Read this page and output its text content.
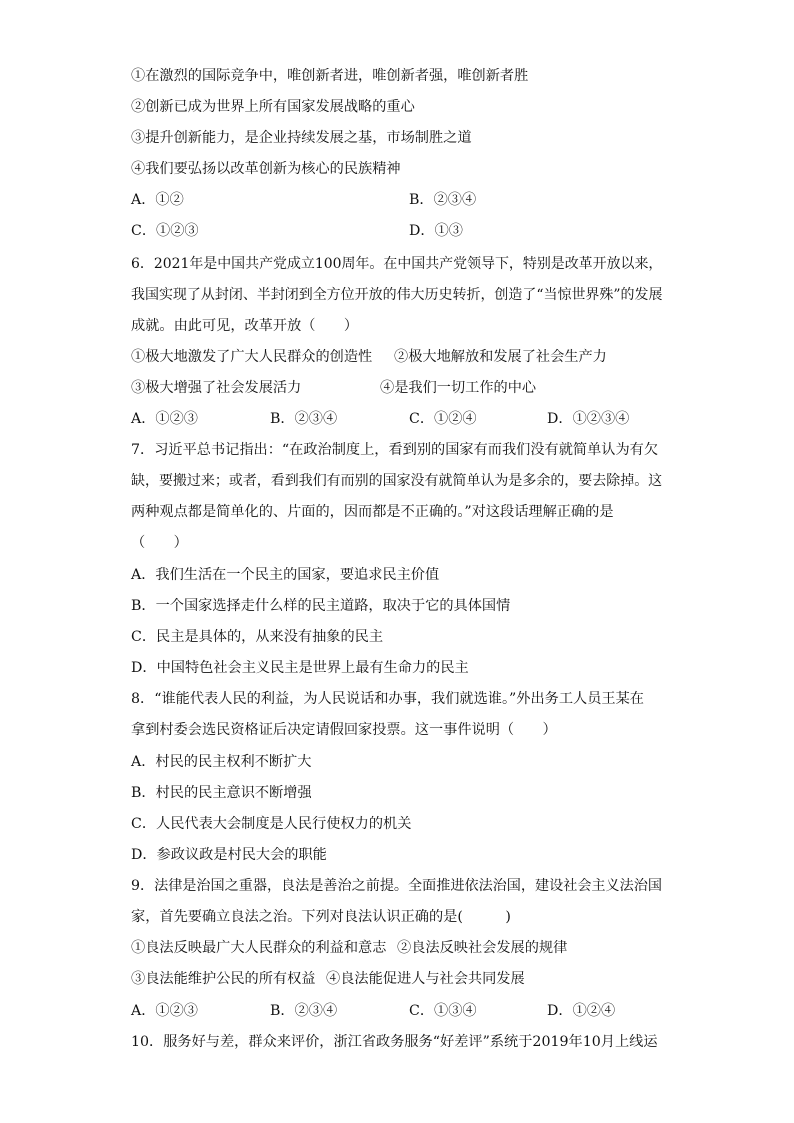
①在激烈的国际竞争中，唯创新者进，唯创新者强，唯创新者胜
②创新已成为世界上所有国家发展战略的重心
③提升创新能力，是企业持续发展之基，市场制胜之道
④我们要弘扬以改革创新为核心的民族精神
A．①②	B．②③④
C．①②③	D．①③
6．2021年是中国共产党成立100周年。在中国共产党领导下，特别是改革开放以来，
我国实现了从封闭、半封闭到全方位开放的伟大历史转折，创造了“当惊世界殊”的发展
成就。由此可见，改革开放（　　）
①极大地激发了广大人民群众的创造性 ②极大地解放和发展了社会生产力
③极大增强了社会发展活力	④是我们一切工作的中心
A．①②③	B．②③④	C．①②④	D．①②③④
7．习近平总书记指出：“在政治制度上，看到别的国家有而我们没有就简单认为有欠
缺，要搬过来；或者，看到我们有而别的国家没有就简单认为是多余的，要去除掉。这
两种观点都是简单化的、片面的，因而都是不正确的。”对这段话理解正确的是
（　　）
A．我们生活在一个民主的国家，要追求民主价值
B．一个国家选择走什么样的民主道路，取决于它的具体国情
C．民主是具体的，从来没有抽象的民主
D．中国特色社会主义民主是世界上最有生命力的民主
8．“谁能代表人民的利益，为人民说话和办事，我们就选谁。”外出务工人员王某在
拿到村委会选民资格证后决定请假回家投票。这一事件说明（　　）
A．村民的民主权利不断扩大
B．村民的民主意识不断增强
C．人民代表大会制度是人民行使权力的机关
D．参政议政是村民大会的职能
9．法律是治国之重器，良法是善治之前提。全面推进依法治国，建设社会主义法治国
家，首先要确立良法之治。下列对良法认识正确的是(　　　)
①良法反映最广大人民群众的利益和意志 ②良法反映社会发展的规律
③良法能维护公民的所有权益 ④良法能促进人与社会共同发展
A．①②③	B．②③④	C．①③④	D．①②④
10．服务好与差，群众来评价，浙江省政务服务“好差评”系统于2019年10月上线运
